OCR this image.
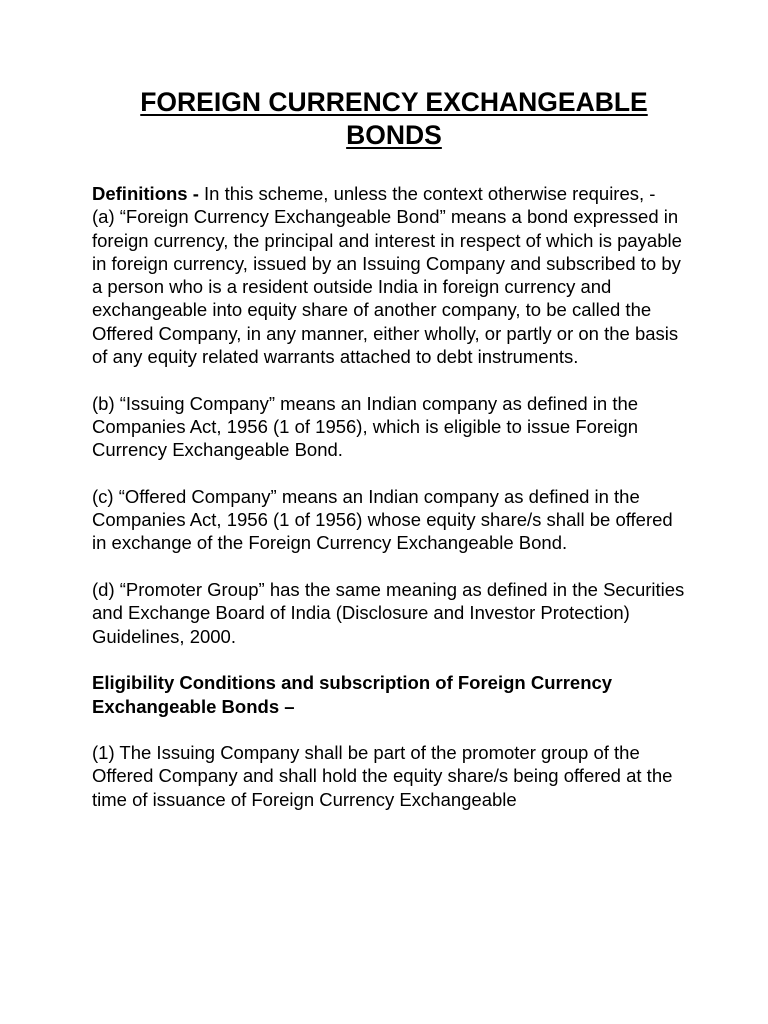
FOREIGN CURRENCY EXCHANGEABLE
BONDS

Definitions - In this scheme, unless the context otherwise requires, -

(a) “Foreign Currency Exchangeable Bond” means a bond expressed in foreign currency, the principal and interest in respect of which is payable in foreign currency, issued by an Issuing Company and subscribed to by a person who is a resident outside India in foreign currency and exchangeable into equity share of another company, to be called the Offered Company, in any manner, either wholly, or partly or on the basis of any equity related warrants attached to debt instruments.

(b) “Issuing Company” means an Indian company as defined in the Companies Act, 1956 (1 of 1956), which is eligible to issue Foreign Currency Exchangeable Bond.

(c) “Offered Company” means an Indian company as defined in the Companies Act, 1956 (1 of 1956) whose equity share/s shall be offered in exchange of the Foreign Currency Exchangeable Bond.

(d) “Promoter Group” has the same meaning as defined in the Securities and Exchange Board of India (Disclosure and Investor Protection) Guidelines, 2000.

Eligibility Conditions and subscription of Foreign Currency Exchangeable Bonds –

(1) The Issuing Company shall be part of the promoter group of the Offered Company and shall hold the equity share/s being offered at the time of issuance of Foreign Currency Exchangeable
